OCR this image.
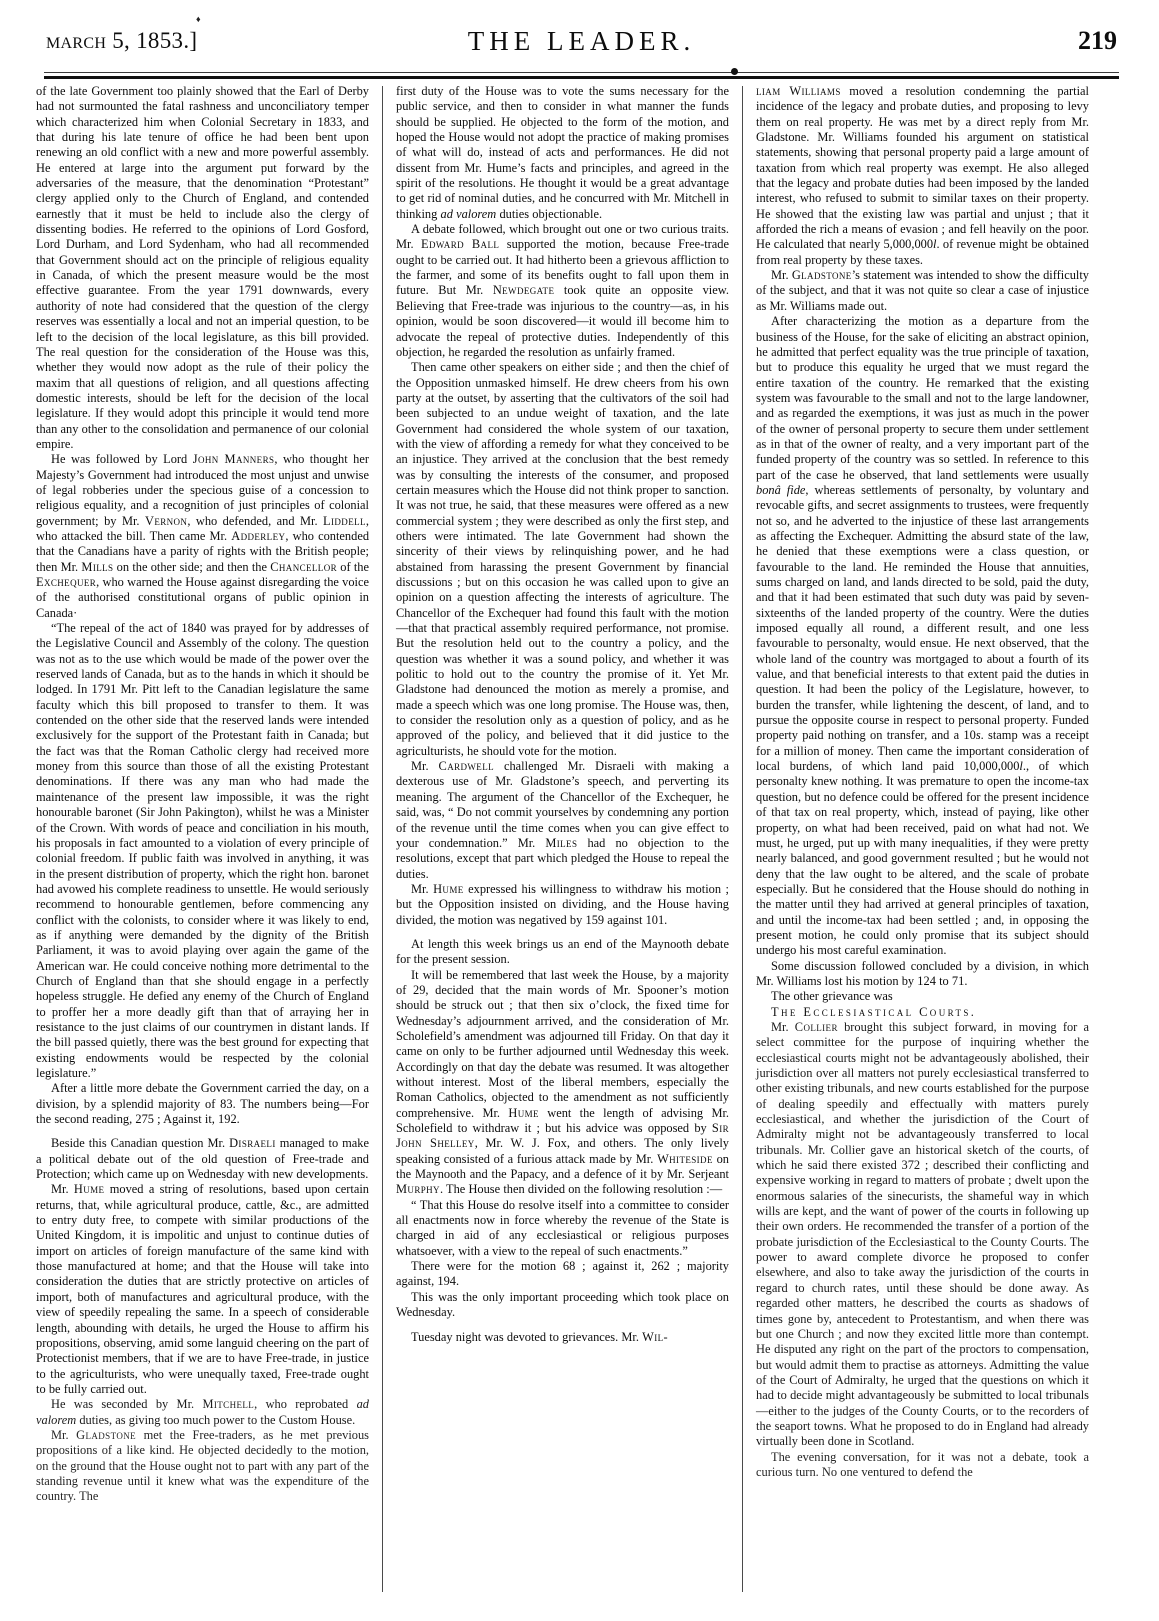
♦
march 5, 1853.]	THE LEADER.	219

of the late Government too plainly showed that the Earl of Derby had not surmounted the fatal rashness and unconciliatory temper which characterized him when Colonial Secretary in 1833, and that during his late tenure of office he had been bent upon renewing an old conflict with a new and more powerful assembly. He entered at large into the argument put forward by the adversaries of the measure, that the denomination “Protestant” clergy applied only to the Church of England, and contended earnestly that it must be held to include also the clergy of dissenting bodies. He referred to the opinions of Lord Gosford, Lord Durham, and Lord Sydenham, who had all recommended that Government should act on the principle of religious equality in Canada, of which the present measure would be the most effective guarantee. From the year 1791 downwards, every authority of note had considered that the question of the clergy reserves was essentially a local and not an imperial question, to be left to the decision of the local legislature, as this bill provided. The real question for the consideration of the House was this, whether they would now adopt as the rule of their policy the maxim that all questions of religion, and all questions affecting domestic interests, should be left for the decision of the local legislature. If they would adopt this principle it would tend more than any other to the consolidation and permanence of our colonial empire.

He was followed by Lord John Manners, who thought her Majesty’s Government had introduced the most unjust and unwise of legal robberies under the specious guise of a concession to religious equality, and a recognition of just principles of colonial government; by Mr. Vernon, who defended, and Mr. Liddell, who attacked the bill. Then came Mr. Adderley, who contended that the Canadians have a parity of rights with the British people; then Mr. Mills on the other side; and then the Chancellor of the Exchequer, who warned the House against disregarding the voice of the authorised constitutional organs of public opinion in Canada·

“The repeal of the act of 1840 was prayed for by addresses of the Legislative Council and Assembly of the colony. The question was not as to the use which would be made of the power over the reserved lands of Canada, but as to the hands in which it should be lodged. In 1791 Mr. Pitt left to the Canadian legislature the same faculty which this bill proposed to transfer to them. It was contended on the other side that the reserved lands were intended exclusively for the support of the Protestant faith in Canada; but the fact was that the Roman Catholic clergy had received more money from this source than those of all the existing Protestant denominations. If there was any man who had made the maintenance of the present law impossible, it was the right honourable baronet (Sir John Pakington), whilst he was a Minister of the Crown. With words of peace and conciliation in his mouth, his proposals in fact amounted to a violation of every principle of colonial freedom. If public faith was involved in anything, it was in the present distribution of property, which the right hon. baronet had avowed his complete readiness to unsettle. He would seriously recommend to honourable gentlemen, before commencing any conflict with the colonists, to consider where it was likely to end, as if anything were demanded by the dignity of the British Parliament, it was to avoid playing over again the game of the American war. He could conceive nothing more detrimental to the Church of England than that she should engage in a perfectly hopeless struggle. He defied any enemy of the Church of England to proffer her a more deadly gift than that of arraying her in resistance to the just claims of our countrymen in distant lands. If the bill passed quietly, there was the best ground for expecting that existing endowments would be respected by the colonial legislature.”

After a little more debate the Government carried the day, on a division, by a splendid majority of 83. The numbers being—For the second reading, 275 ; Against it, 192.

Beside this Canadian question Mr. Disraeli managed to make a political debate out of the old question of Free-trade and Protection; which came up on Wednesday with new developments.

Mr. Hume moved a string of resolutions, based upon certain returns, that, while agricultural produce, cattle, &c., are admitted to entry duty free, to compete with similar productions of the United Kingdom, it is impolitic and unjust to continue duties of import on articles of foreign manufacture of the same kind with those manufactured at home; and that the House will take into consideration the duties that are strictly protective on articles of import, both of manufactures and agricultural produce, with the view of speedily repealing the same. In a speech of considerable length, abounding with details, he urged the House to affirm his propositions, observing, amid some languid cheering on the part of Protectionist members, that if we are to have Free-trade, in justice to the agriculturists, who were unequally taxed, Free-trade ought to be fully carried out.

He was seconded by Mr. Mitchell, who reprobated ad valorem duties, as giving too much power to the Custom House.

Mr. Gladstone met the Free-traders, as he met previous propositions of a like kind. He objected decidedly to the motion, on the ground that the House ought not to part with any part of the standing revenue until it knew what was the expenditure of the country. The

first duty of the House was to vote the sums necessary for the public service, and then to consider in what manner the funds should be supplied. He objected to the form of the motion, and hoped the House would not adopt the practice of making promises of what will do, instead of acts and performances. He did not dissent from Mr. Hume’s facts and principles, and agreed in the spirit of the resolutions. He thought it would be a great advantage to get rid of nominal duties, and he concurred with Mr. Mitchell in thinking ad valorem duties objectionable.

A debate followed, which brought out one or two curious traits. Mr. Edward Ball supported the motion, because Free-trade ought to be carried out. It had hitherto been a grievous affliction to the farmer, and some of its benefits ought to fall upon them in future. But Mr. Newdegate took quite an opposite view. Believing that Free-trade was injurious to the country—as, in his opinion, would be soon discovered—it would ill become him to advocate the repeal of protective duties. Independently of this objection, he regarded the resolution as unfairly framed.

Then came other speakers on either side ; and then the chief of the Opposition unmasked himself. He drew cheers from his own party at the outset, by asserting that the cultivators of the soil had been subjected to an undue weight of taxation, and the late Government had considered the whole system of our taxation, with the view of affording a remedy for what they conceived to be an injustice. They arrived at the conclusion that the best remedy was by consulting the interests of the consumer, and proposed certain measures which the House did not think proper to sanction. It was not true, he said, that these measures were offered as a new commercial system ; they were described as only the first step, and others were intimated. The late Government had shown the sincerity of their views by relinquishing power, and he had abstained from harassing the present Government by financial discussions ; but on this occasion he was called upon to give an opinion on a question affecting the interests of agriculture. The Chancellor of the Exchequer had found this fault with the motion—that that practical assembly required performance, not promise. But the resolution held out to the country a policy, and the question was whether it was a sound policy, and whether it was politic to hold out to the country the promise of it. Yet Mr. Gladstone had denounced the motion as merely a promise, and made a speech which was one long promise. The House was, then, to consider the resolution only as a question of policy, and as he approved of the policy, and believed that it did justice to the agriculturists, he should vote for the motion.

Mr. Cardwell challenged Mr. Disraeli with making a dexterous use of Mr. Gladstone’s speech, and perverting its meaning. The argument of the Chancellor of the Exchequer, he said, was, “ Do not commit yourselves by condemning any portion of the revenue until the time comes when you can give effect to your condemnation.” Mr. Miles had no objection to the resolutions, except that part which pledged the House to repeal the duties.

Mr. Hume expressed his willingness to withdraw his motion ; but the Opposition insisted on dividing, and the House having divided, the motion was negatived by 159 against 101.

At length this week brings us an end of the Maynooth debate for the present session.

It will be remembered that last week the House, by a majority of 29, decided that the main words of Mr. Spooner’s motion should be struck out ; that then six o’clock, the fixed time for Wednesday’s adjournment arrived, and the consideration of Mr. Scholefield’s amendment was adjourned till Friday. On that day it came on only to be further adjourned until Wednesday this week. Accordingly on that day the debate was resumed. It was altogether without interest. Most of the liberal members, especially the Roman Catholics, objected to the amendment as not sufficiently comprehensive. Mr. Hume went the length of advising Mr. Scholefield to withdraw it ; but his advice was opposed by Sir John Shelley, Mr. W. J. Fox, and others. The only lively speaking consisted of a furious attack made by Mr. Whiteside on the Maynooth and the Papacy, and a defence of it by Mr. Serjeant Murphy. The House then divided on the following resolution :—

“ That this House do resolve itself into a committee to consider all enactments now in force whereby the revenue of the State is charged in aid of any ecclesiastical or religious purposes whatsoever, with a view to the repeal of such enactments.”

There were for the motion 68 ; against it, 262 ; majority against, 194.

This was the only important proceeding which took place on Wednesday.

Tuesday night was devoted to grievances. Mr. Wil-

liam Williams moved a resolution condemning the partial incidence of the legacy and probate duties, and proposing to levy them on real property. He was met by a direct reply from Mr. Gladstone. Mr. Williams founded his argument on statistical statements, showing that personal property paid a large amount of taxation from which real property was exempt. He also alleged that the legacy and probate duties had been imposed by the landed interest, who refused to submit to similar taxes on their property. He showed that the existing law was partial and unjust ; that it afforded the rich a means of evasion ; and fell heavily on the poor. He calculated that nearly 5,000,000l. of revenue might be obtained from real property by these taxes.

Mr. Gladstone’s statement was intended to show the difficulty of the subject, and that it was not quite so clear a case of injustice as Mr. Williams made out.

After characterizing the motion as a departure from the business of the House, for the sake of eliciting an abstract opinion, he admitted that perfect equality was the true principle of taxation, but to produce this equality he urged that we must regard the entire taxation of the country. He remarked that the existing system was favourable to the small and not to the large landowner, and as regarded the exemptions, it was just as much in the power of the owner of personal property to secure them under settlement as in that of the owner of realty, and a very important part of the funded property of the country was so settled. In reference to this part of the case he observed, that land settlements were usually bonâ fide, whereas settlements of personalty, by voluntary and revocable gifts, and secret assignments to trustees, were frequently not so, and he adverted to the injustice of these last arrangements as affecting the Exchequer. Admitting the absurd state of the law, he denied that these exemptions were a class question, or favourable to the land. He reminded the House that annuities, sums charged on land, and lands directed to be sold, paid the duty, and that it had been estimated that such duty was paid by seven-sixteenths of the landed property of the country. Were the duties imposed equally all round, a different result, and one less favourable to personalty, would ensue. He next observed, that the whole land of the country was mortgaged to about a fourth of its value, and that beneficial interests to that extent paid the duties in question. It had been the policy of the Legislature, however, to burden the transfer, while lightening the descent, of land, and to pursue the opposite course in respect to personal property. Funded property paid nothing on transfer, and a 10s. stamp was a receipt for a million of money. Then came the important consideration of local burdens, of which land paid 10,000,000l., of which personalty knew nothing. It was premature to open the income-tax question, but no defence could be offered for the present incidence of that tax on real property, which, instead of paying, like other property, on what had been received, paid on what had not. We must, he urged, put up with many inequalities, if they were pretty nearly balanced, and good government resulted ; but he would not deny that the law ought to be altered, and the scale of probate especially. But he considered that the House should do nothing in the matter until they had arrived at general principles of taxation, and until the income-tax had been settled ; and, in opposing the present motion, he could only promise that its subject should undergo his most careful examination.

Some discussion followed concluded by a division, in which Mr. Williams lost his motion by 124 to 71.

The other grievance was

The Ecclesiastical Courts.

Mr. Collier brought this subject forward, in moving for a select committee for the purpose of inquiring whether the ecclesiastical courts might not be advantageously abolished, their jurisdiction over all matters not purely ecclesiastical transferred to other existing tribunals, and new courts established for the purpose of dealing speedily and effectually with matters purely ecclesiastical, and whether the jurisdiction of the Court of Admiralty might not be advantageously transferred to local tribunals. Mr. Collier gave an historical sketch of the courts, of which he said there existed 372 ; described their conflicting and expensive working in regard to matters of probate ; dwelt upon the enormous salaries of the sinecurists, the shameful way in which wills are kept, and the want of power of the courts in following up their own orders. He recommended the transfer of a portion of the probate jurisdiction of the Ecclesiastical to the County Courts. The power to award complete divorce he proposed to confer elsewhere, and also to take away the jurisdiction of the courts in regard to church rates, until these should be done away. As regarded other matters, he described the courts as shadows of times gone by, antecedent to Protestantism, and when there was but one Church ; and now they excited little more than contempt. He disputed any right on the part of the proctors to compensation, but would admit them to practise as attorneys. Admitting the value of the Court of Admiralty, he urged that the questions on which it had to decide might advantageously be submitted to local tribunals—either to the judges of the County Courts, or to the recorders of the seaport towns. What he proposed to do in England had already virtually been done in Scotland.

The evening conversation, for it was not a debate, took a curious turn. No one ventured to defend the
